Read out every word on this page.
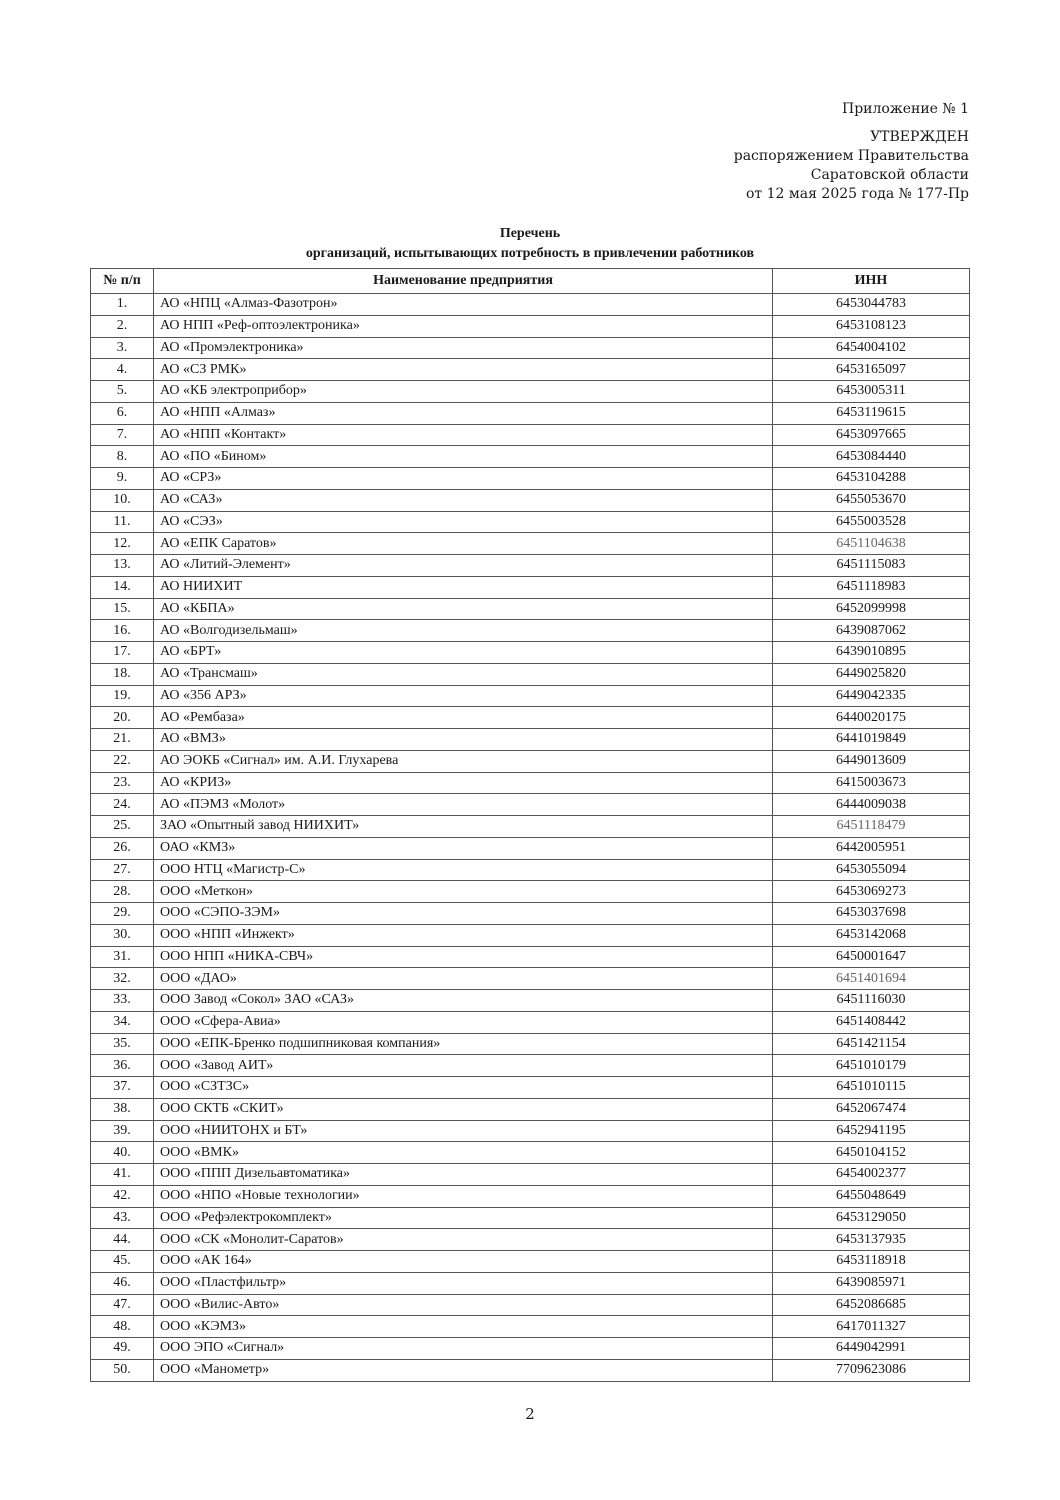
Приложение № 1
УТВЕРЖДЕН
распоряжением Правительства
Саратовской области
от 12 мая 2025 года № 177-Пр
Перечень
организаций, испытывающих потребность в привлечении работников
№ п/п	Наименование предприятия	ИНН
1.	АО «НПЦ «Алмаз-Фазотрон»	6453044783
2.	АО НПП «Реф-оптоэлектроника»	6453108123
3.	АО «Промэлектроника»	6454004102
4.	АО «СЗ РМК»	6453165097
5.	АО «КБ электроприбор»	6453005311
6.	АО «НПП «Алмаз»	6453119615
7.	АО «НПП «Контакт»	6453097665
8.	АО «ПО «Бином»	6453084440
9.	АО «СРЗ»	6453104288
10.	АО «САЗ»	6455053670
11.	АО «СЭЗ»	6455003528
12.	АО «ЕПК Саратов»	6451104638
13.	АО «Литий-Элемент»	6451115083
14.	АО НИИХИТ	6451118983
15.	АО «КБПА»	6452099998
16.	АО «Волгодизельмаш»	6439087062
17.	АО «БРТ»	6439010895
18.	АО «Трансмаш»	6449025820
19.	АО «356 АРЗ»	6449042335
20.	АО «Рембаза»	6440020175
21.	АО «ВМЗ»	6441019849
22.	АО ЭОКБ «Сигнал» им. А.И. Глухарева	6449013609
23.	АО «КРИЗ»	6415003673
24.	АО «ПЭМЗ «Молот»	6444009038
25.	ЗАО «Опытный завод НИИХИТ»	6451118479
26.	ОАО «КМЗ»	6442005951
27.	ООО НТЦ «Магистр-С»	6453055094
28.	ООО «Меткон»	6453069273
29.	ООО «СЭПО-ЗЭМ»	6453037698
30.	ООО «НПП «Инжект»	6453142068
31.	ООО НПП «НИКА-СВЧ»	6450001647
32.	ООО «ДАО»	6451401694
33.	ООО Завод «Сокол» ЗАО «САЗ»	6451116030
34.	ООО «Сфера-Авиа»	6451408442
35.	ООО «ЕПК-Бренко подшипниковая компания»	6451421154
36.	ООО «Завод АИТ»	6451010179
37.	ООО «СЗТЗС»	6451010115
38.	ООО СКТБ «СКИТ»	6452067474
39.	ООО «НИИТОНХ и БТ»	6452941195
40.	ООО «ВМК»	6450104152
41.	ООО «ППП Дизельавтоматика»	6454002377
42.	ООО «НПО «Новые технологии»	6455048649
43.	ООО «Рефэлектрокомплект»	6453129050
44.	ООО «СК «Монолит-Саратов»	6453137935
45.	ООО «АК 164»	6453118918
46.	ООО «Пластфильтр»	6439085971
47.	ООО «Вилис-Авто»	6452086685
48.	ООО «КЭМЗ»	6417011327
49.	ООО ЭПО «Сигнал»	6449042991
50.	ООО «Манометр»	7709623086
2
